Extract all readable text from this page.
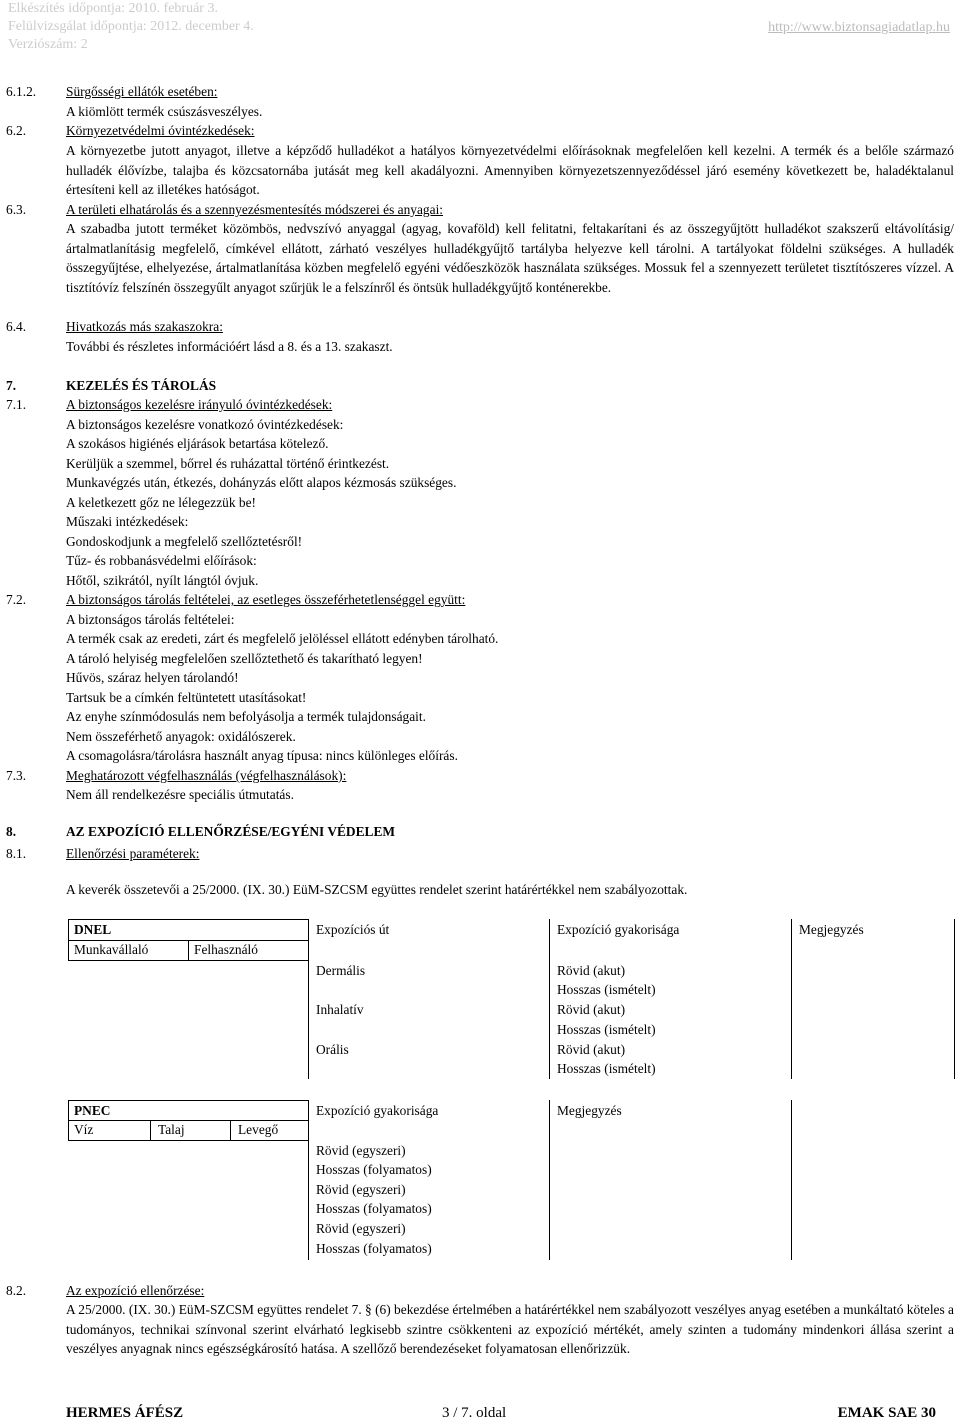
Elkészítés időpontja: 2010. február 3.
Felülvizsgálat időpontja: 2012. december 4.
Verziószám: 2
http://www.biztonsagiadatlap.hu
6.1.2. Sürgősségi ellátók esetében:
A kiömlött termék csúszásveszélyes.
6.2.	Környezetvédelmi óvintézkedések:
A környezetbe jutott anyagot, illetve a képződő hulladékot a hatályos környezetvédelmi előírásoknak megfelelően kell kezelni. A termék és a belőle származó hulladék élővízbe, talajba és közcsatornába jutását meg kell akadályozni. Amennyiben környezetszennyeződéssel járó esemény következett be, haladéktalanul értesíteni kell az illetékes hatóságot.
6.3.	A területi elhatárolás és a szennyezésmentesítés módszerei és anyagai:
A szabadba jutott terméket közömbös, nedvszívó anyaggal (agyag, kovaföld) kell felitatni, feltakarítani és az összegyűjtött hulladékot szakszerű eltávolításig/ártalmatlanításig megfelelő, címkével ellátott, zárható veszélyes hulladékgyűjtő tartályba helyezve kell tárolni. A tartályokat földelni szükséges. A hulladék összegyűjtése, elhelyezése, ártalmatlanítása közben megfelelő egyéni védőeszközök használata szükséges. Mossuk fel a szennyezett területet tisztítószeres vízzel. A tisztítóvíz felszínén összegyűlt anyagot szűrjük le a felszínről és öntsük hulladékgyűjtő konténerekbe.
6.4.	Hivatkozás más szakaszokra:
További és részletes információért lásd a 8. és a 13. szakaszt.
7.	KEZELÉS ÉS TÁROLÁS
7.1.	A biztonságos kezelésre irányuló óvintézkedések:
A biztonságos kezelésre vonatkozó óvintézkedések:
A szokásos higiénés eljárások betartása kötelező.
Kerüljük a szemmel, bőrrel és ruházattal történő érintkezést.
Munkavégzés után, étkezés, dohányzás előtt alapos kézmosás szükséges.
A keletkezett gőz ne lélegezzük be!
Műszaki intézkedések:
Gondoskodjunk a megfelelő szellőztetésről!
Tűz- és robbanásvédelmi előírások:
Hőtől, szikrától, nyílt lángtól óvjuk.
7.2.	A biztonságos tárolás feltételei, az esetleges összeférhetetlenséggel együtt:
A biztonságos tárolás feltételei:
A termék csak az eredeti, zárt és megfelelő jelöléssel ellátott edényben tárolható.
A tároló helyiség megfelelően szellőztethető és takarítható legyen!
Hűvös, száraz helyen tárolandó!
Tartsuk be a címkén feltüntetett utasításokat!
Az enyhe színmódosulás nem befolyásolja a termék tulajdonságait.
Nem összeférhető anyagok: oxidálószerek.
A csomagolásra/tárolásra használt anyag típusa: nincs különleges előírás.
7.3.	Meghatározott végfelhasználás (végfelhasználások):
Nem áll rendelkezésre speciális útmutatás.
8.	AZ EXPOZÍCIÓ ELLENŐRZÉSE/EGYÉNI VÉDELEM
8.1.	Ellenőrzési paraméterek:
A keverék összetevői a 25/2000. (IX. 30.) EüM-SZCSM együttes rendelet szerint határértékkel nem szabályozottak.
DNEL	Expozíciós út	Expozíció gyakorisága	Megjegyzés
Munkavállaló	Felhasználó
Dermális	Rövid (akut)
Hosszas (ismételt)
Inhalatív	Rövid (akut)
Hosszas (ismételt)
Orális	Rövid (akut)
Hosszas (ismételt)
PNEC	Expozíció gyakorisága	Megjegyzés
Víz	Talaj	Levegő
Rövid (egyszeri)
Hosszas (folyamatos)
Rövid (egyszeri)
Hosszas (folyamatos)
Rövid (egyszeri)
Hosszas (folyamatos)
8.2.	Az expozíció ellenőrzése:
A 25/2000. (IX. 30.) EüM-SZCSM együttes rendelet 7. § (6) bekezdése értelmében a határértékkel nem szabályozott veszélyes anyag esetében a munkáltató köteles a tudományos, technikai színvonal szerint elvárható legkisebb szintre csökkenteni az expozíció mértékét, amely szinten a tudomány mindenkori állása szerint a veszélyes anyagnak nincs egészségkárosító hatása. A szellőző berendezéseket folyamatosan ellenőrizzük.
HERMES ÁFÉSZ	3 / 7. oldal	EMAK SAE 30
